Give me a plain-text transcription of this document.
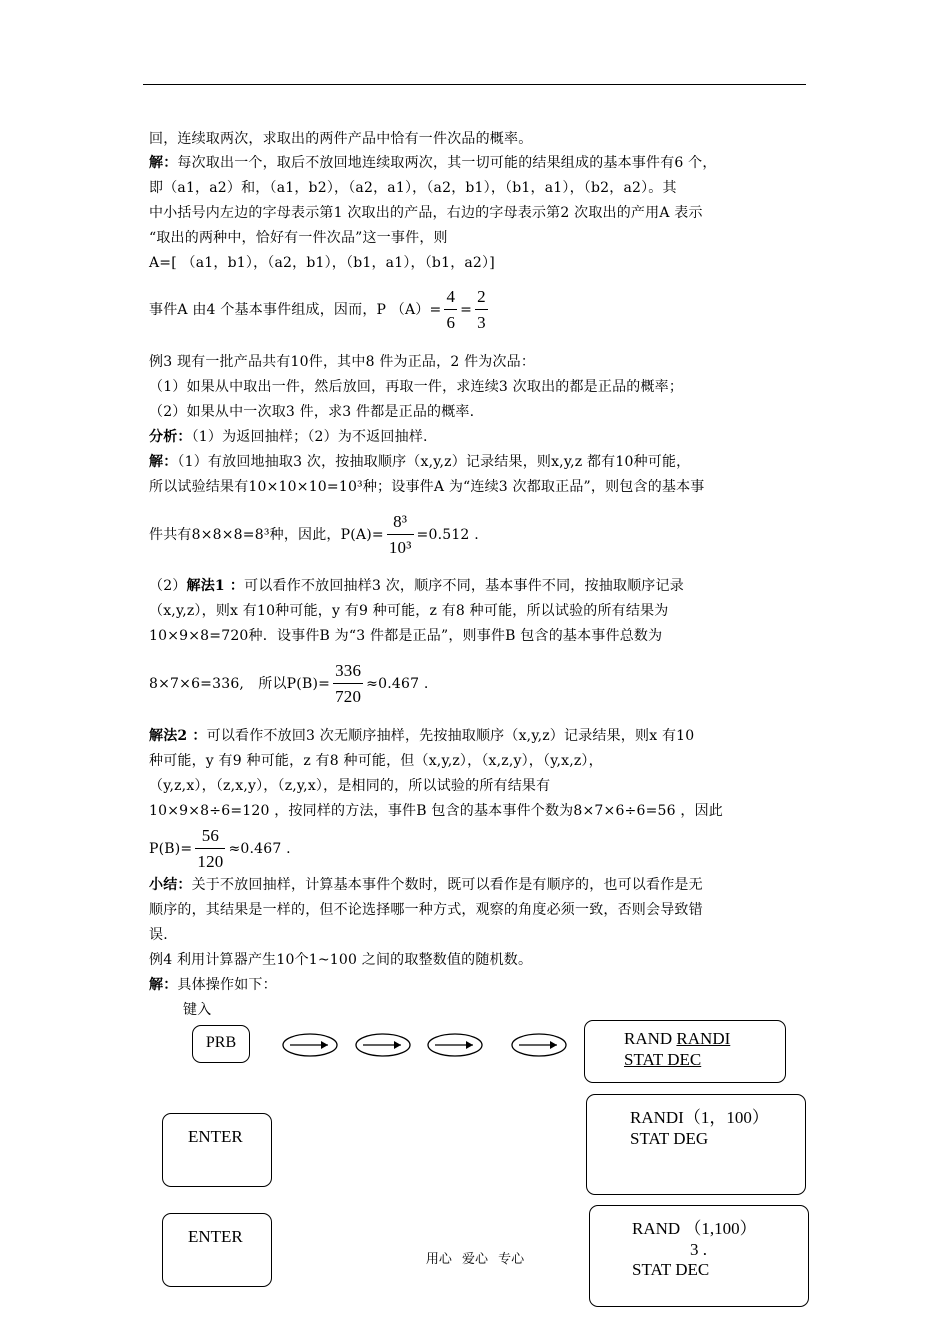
回，连续取两次，求取出的两件产品中恰有一件次品的概率。
解：每次取出一个，取后不放回地连续取两次，其一切可能的结果组成的基本事件有6 个，
即（a1，a2）和，（a1，b2），（a2，a1），（a2，b1），（b1，a1），（b2，a2）。其
中小括号内左边的字母表示第1 次取出的产品，右边的字母表示第2 次取出的产用A 表示
“取出的两种中，恰好有一件次品”这一事件，则
A=[ （a1，b1），（a2，b1），（b1，a1），（b1，a2）]
事件A 由4 个基本事件组成，因而，P $(A)= \frac{4}{6} = \frac{2}{3}$
例3 现有一批产品共有10件，其中8 件为正品，2 件为次品：
（1）如果从中取出一件，然后放回，再取一件，求连续3 次取出的都是正品的概率；
（2）如果从中一次取3 件，求3 件都是正品的概率.
分析：（1）为返回抽样；（2）为不返回抽样.
解：（1）有放回地抽取3 次，按抽取顺序（x,y,z）记录结果，则x,y,z 都有10种可能，
所以试验结果有10×10×10=10³种；设事件A 为“连续3 次都取正品”，则包含的基本事
件共有8×8×8=8³种，因此，$P(A)= \frac{\text{8³}}{\text{10³}} =0.512$ .
（2）解法1 ：可以看作不放回抽样3 次，顺序不同，基本事件不同，按抽取顺序记录
（x,y,z），则x 有10种可能，y 有9 种可能，z 有8 种可能，所以试验的所有结果为
10×9×8=720种．设事件B 为“3 件都是正品”，则事件B 包含的基本事件总数为
8×7×6=336,　所以$P(B)= \frac{336}{720} \approx 0.467$ .
解法2 ：可以看作不放回3 次无顺序抽样，先按抽取顺序（x,y,z）记录结果，则x 有10
种可能，y 有9 种可能，z 有8 种可能，但（x,y,z），（x,z,y），（y,x,z），
（y,z,x），（z,x,y），（z,y,x），是相同的，所以试验的所有结果有
10×9×8÷6=120 ，按同样的方法，事件B 包含的基本事件个数为8×7×6÷6=56 ，因此
$P(B)= \frac{56}{120} \approx 0.467$ .
小结：关于不放回抽样，计算基本事件个数时，既可以看作是有顺序的，也可以看作是无
顺序的，其结果是一样的，但不论选择哪一种方式，观察的角度必须一致，否则会导致错
误.
例4 利用计算器产生10个1~100 之间的取整数值的随机数。
解：具体操作如下：
键入
PRB	RAND RANDI
STAT DEC
ENTER
RANDI（1，100）
STAT DEG
ENTER	RAND （1,100）
3 .
STAT DEC
用心 爱心 专心
